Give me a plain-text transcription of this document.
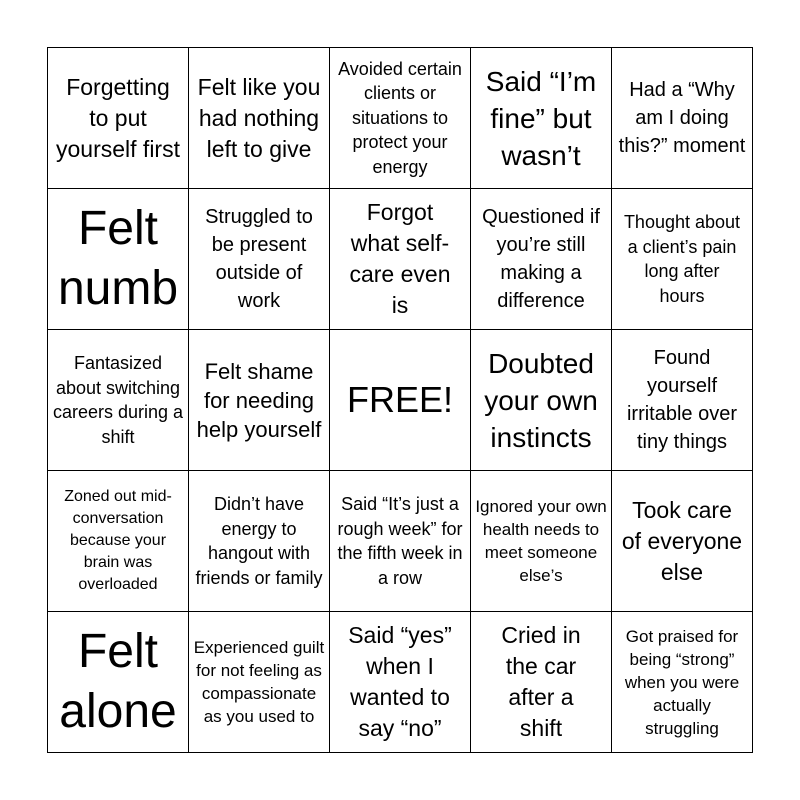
Forgetting to put yourself first
Felt like you had nothing left to give
Avoided certain clients or situations to protect your energy
Said “I’m fine” but wasn’t
Had a “Why am I doing this?” moment
Felt numb
Struggled to be present outside of work
Forgot what self-care even is
Questioned if you’re still making a difference
Thought about a client’s pain long after hours
Fantasized about switching careers during a shift
Felt shame for needing help yourself
FREE!
Doubted your own instincts
Found yourself irritable over tiny things
Zoned out mid-conversation because your brain was overloaded
Didn’t have energy to hangout with friends or family
Said “It’s just a rough week” for the fifth week in a row
Ignored your own health needs to meet someone else’s
Took care of everyone else
Felt alone
Experienced guilt for not feeling as compassionate as you used to
Said “yes” when I wanted to say “no”
Cried in the car after a shift
Got praised for being “strong” when you were actually struggling
